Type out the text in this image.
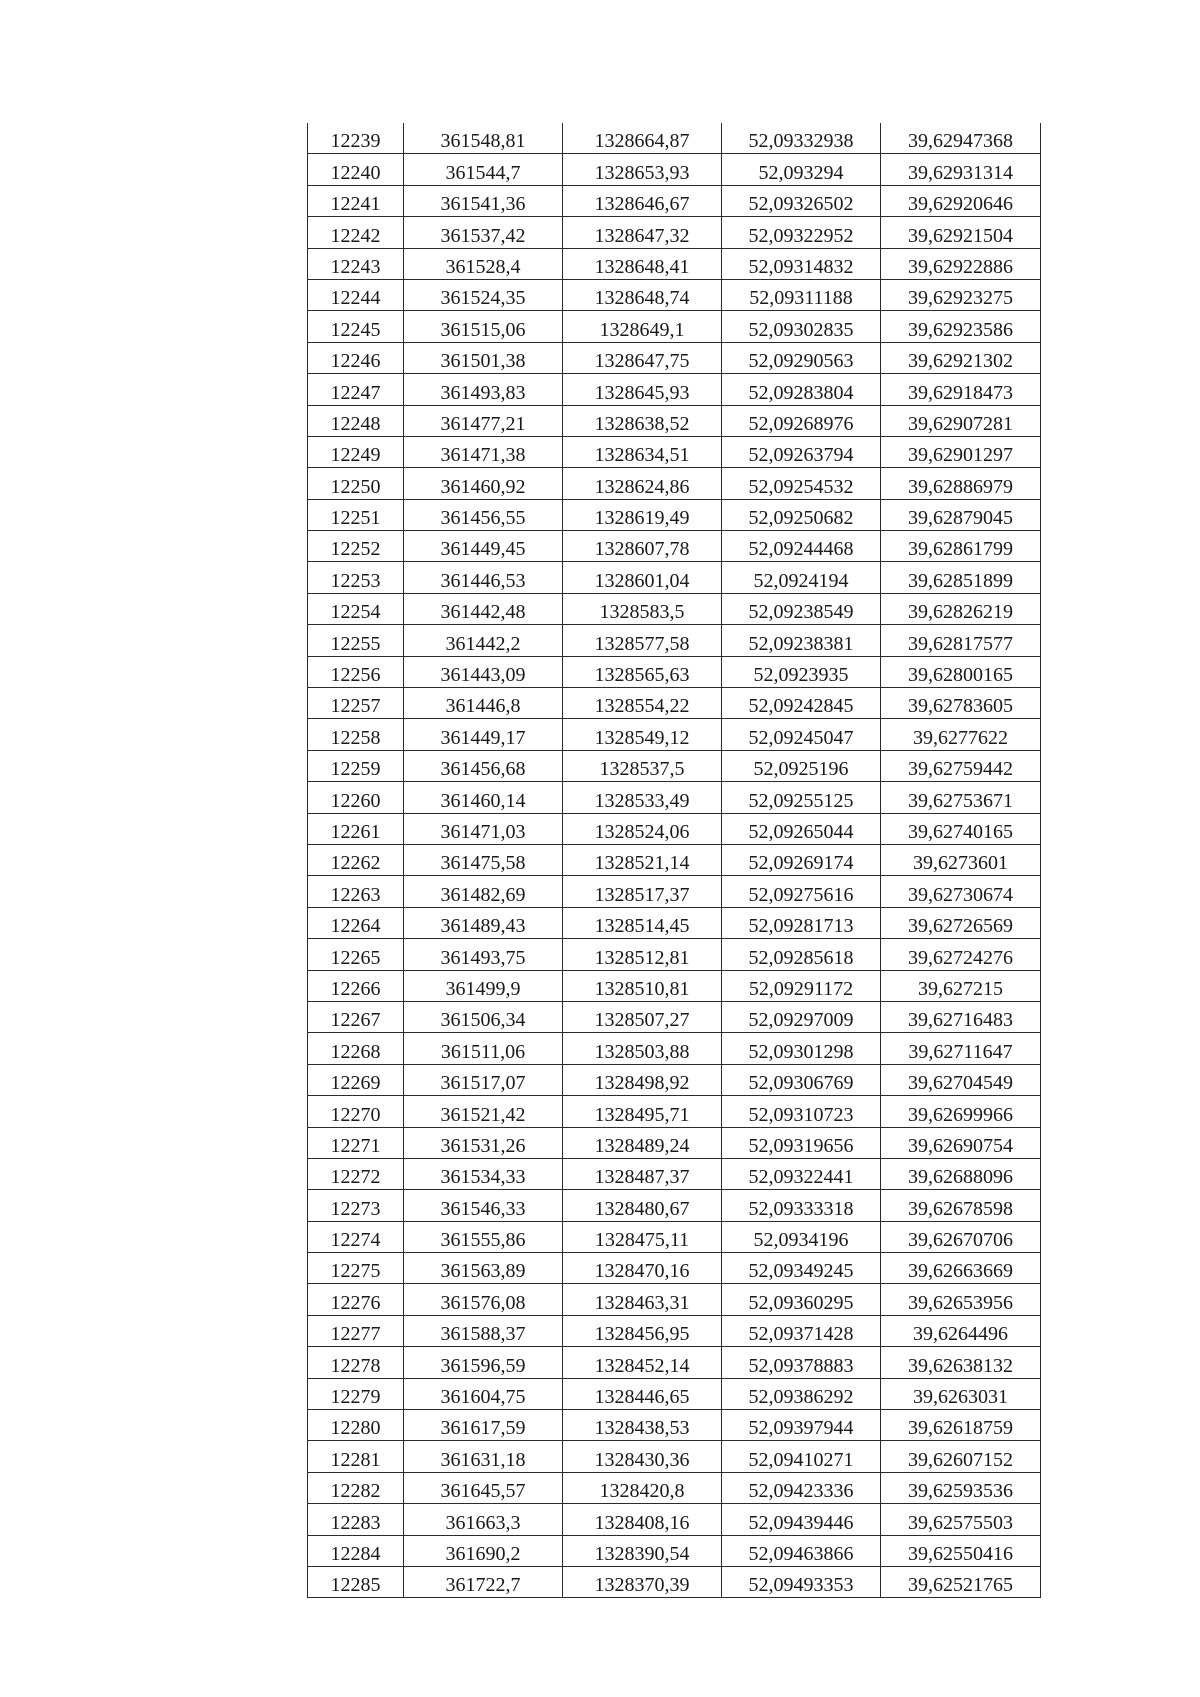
12239	361548,81	1328664,87	52,09332938	39,62947368
12240	361544,7	1328653,93	52,093294	39,62931314
12241	361541,36	1328646,67	52,09326502	39,62920646
12242	361537,42	1328647,32	52,09322952	39,62921504
12243	361528,4	1328648,41	52,09314832	39,62922886
12244	361524,35	1328648,74	52,09311188	39,62923275
12245	361515,06	1328649,1	52,09302835	39,62923586
12246	361501,38	1328647,75	52,09290563	39,62921302
12247	361493,83	1328645,93	52,09283804	39,62918473
12248	361477,21	1328638,52	52,09268976	39,62907281
12249	361471,38	1328634,51	52,09263794	39,62901297
12250	361460,92	1328624,86	52,09254532	39,62886979
12251	361456,55	1328619,49	52,09250682	39,62879045
12252	361449,45	1328607,78	52,09244468	39,62861799
12253	361446,53	1328601,04	52,0924194	39,62851899
12254	361442,48	1328583,5	52,09238549	39,62826219
12255	361442,2	1328577,58	52,09238381	39,62817577
12256	361443,09	1328565,63	52,0923935	39,62800165
12257	361446,8	1328554,22	52,09242845	39,62783605
12258	361449,17	1328549,12	52,09245047	39,6277622
12259	361456,68	1328537,5	52,0925196	39,62759442
12260	361460,14	1328533,49	52,09255125	39,62753671
12261	361471,03	1328524,06	52,09265044	39,62740165
12262	361475,58	1328521,14	52,09269174	39,6273601
12263	361482,69	1328517,37	52,09275616	39,62730674
12264	361489,43	1328514,45	52,09281713	39,62726569
12265	361493,75	1328512,81	52,09285618	39,62724276
12266	361499,9	1328510,81	52,09291172	39,627215
12267	361506,34	1328507,27	52,09297009	39,62716483
12268	361511,06	1328503,88	52,09301298	39,62711647
12269	361517,07	1328498,92	52,09306769	39,62704549
12270	361521,42	1328495,71	52,09310723	39,62699966
12271	361531,26	1328489,24	52,09319656	39,62690754
12272	361534,33	1328487,37	52,09322441	39,62688096
12273	361546,33	1328480,67	52,09333318	39,62678598
12274	361555,86	1328475,11	52,0934196	39,62670706
12275	361563,89	1328470,16	52,09349245	39,62663669
12276	361576,08	1328463,31	52,09360295	39,62653956
12277	361588,37	1328456,95	52,09371428	39,6264496
12278	361596,59	1328452,14	52,09378883	39,62638132
12279	361604,75	1328446,65	52,09386292	39,6263031
12280	361617,59	1328438,53	52,09397944	39,62618759
12281	361631,18	1328430,36	52,09410271	39,62607152
12282	361645,57	1328420,8	52,09423336	39,62593536
12283	361663,3	1328408,16	52,09439446	39,62575503
12284	361690,2	1328390,54	52,09463866	39,62550416
12285	361722,7	1328370,39	52,09493353	39,62521765
